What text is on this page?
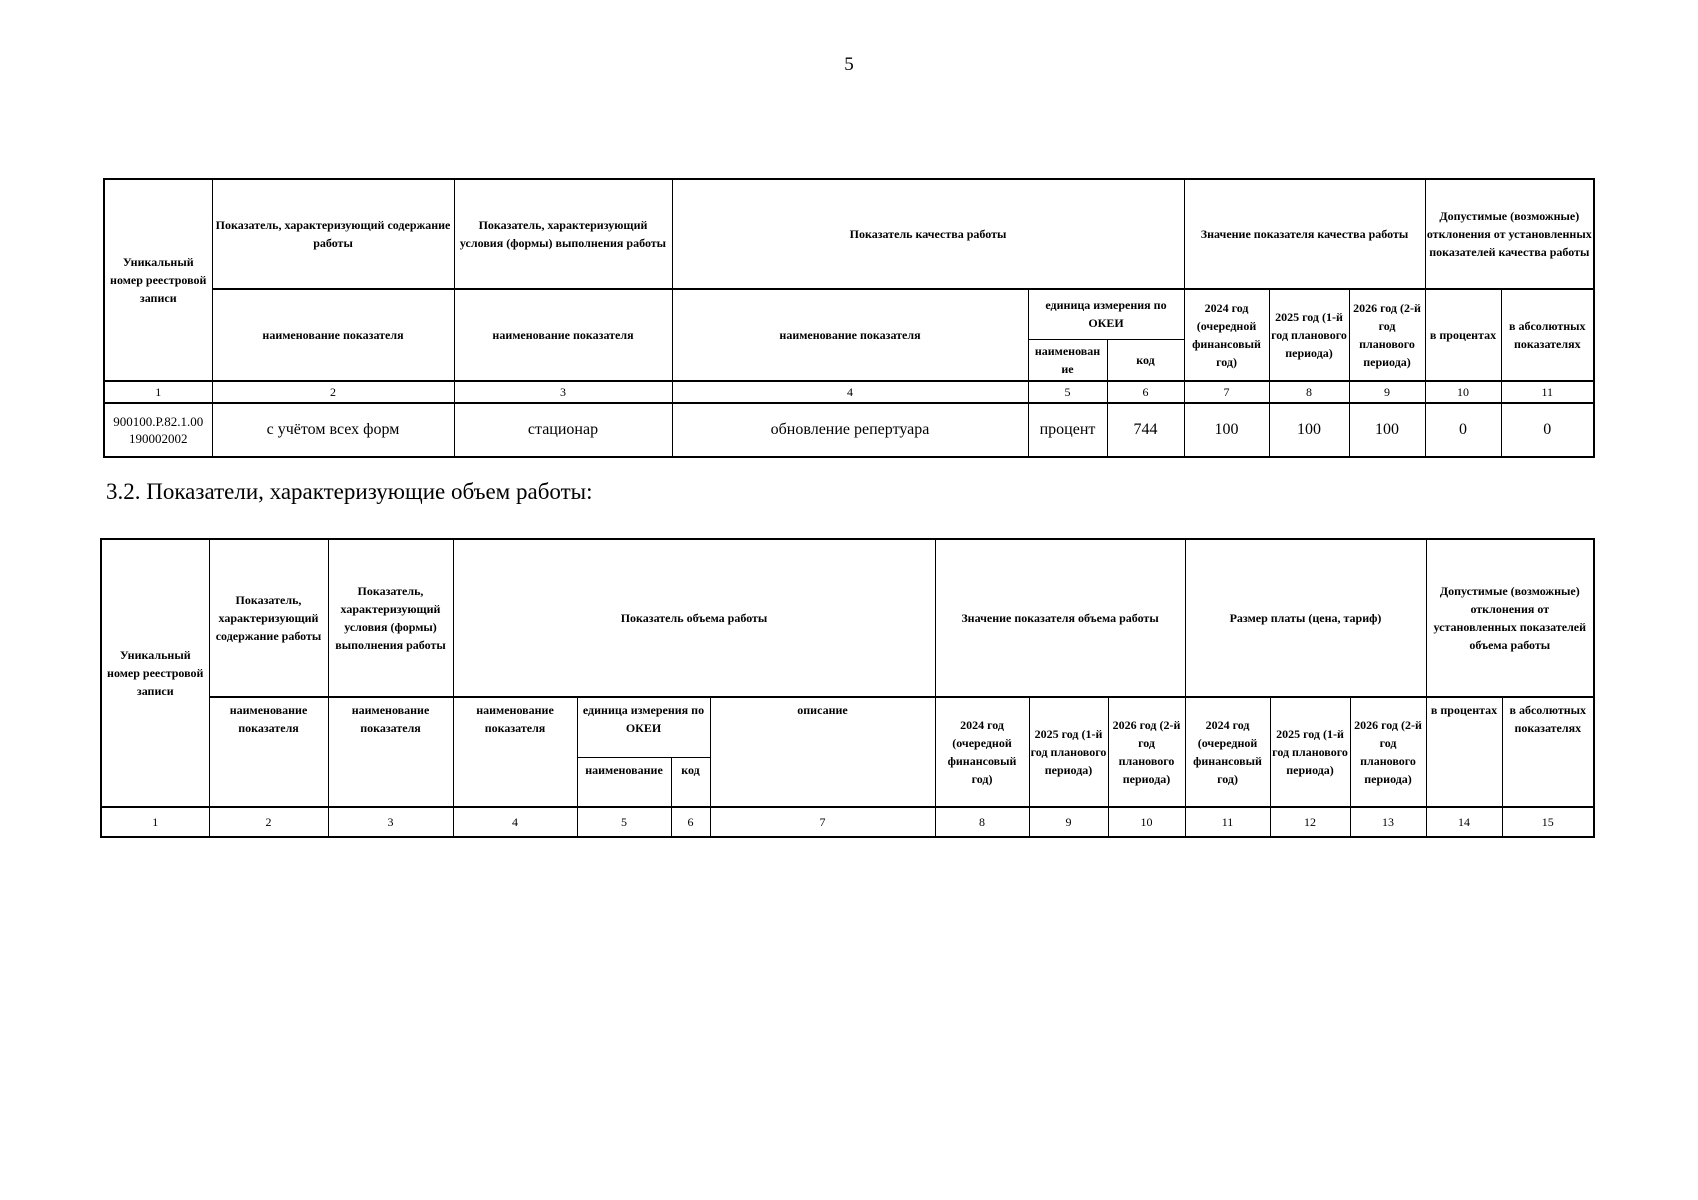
5
Уникальный номер реестровой записи	Показатель, характеризующий содержание работы	Показатель, характеризующий условия (формы) выполнения работы	Показатель качества работы			Значение показателя качества работы			Допустимые (возможные) отклонения от установленных показателей качества работы	
	наименование показателя	наименование показателя	наименование показателя	единица измерения по ОКЕИ		2024 год (очередной финансовый год)	2025 год (1-й год планового периода)	2026 год (2-й год планового периода)	в процентах	в абсолютных показателях
				наименован ие	код					
1	2	3	4	5	6	7	8	9	10	11
900100.Р.82.1.00 190002002	с учётом всех форм	стационар	обновление репертуара	процент	744	100	100	100	0	0
3.2. Показатели, характеризующие объем работы:
Уникальный номер реестровой записи	Показатель, характеризующий содержание работы	Показатель, характеризующий условия (формы) выполнения работы	Показатель объема работы				Значение показателя объема работы			Размер платы (цена, тариф)			Допустимые (возможные) отклонения от установленных показателей объема работы	
	наименование показателя	наименование показателя	наименование показателя	единица измерения по ОКЕИ		описание	2024 год (очередной финансовый год)	2025 год (1-й год планового периода)	2026 год (2-й год планового периода)	2024 год (очередной финансовый год)	2025 год (1-й год планового периода)	2026 год (2-й год планового периода)	в процентах	в абсолютных показателях
				наименование	код									
1	2	3	4	5	6	7	8	9	10	11	12	13	14	15
